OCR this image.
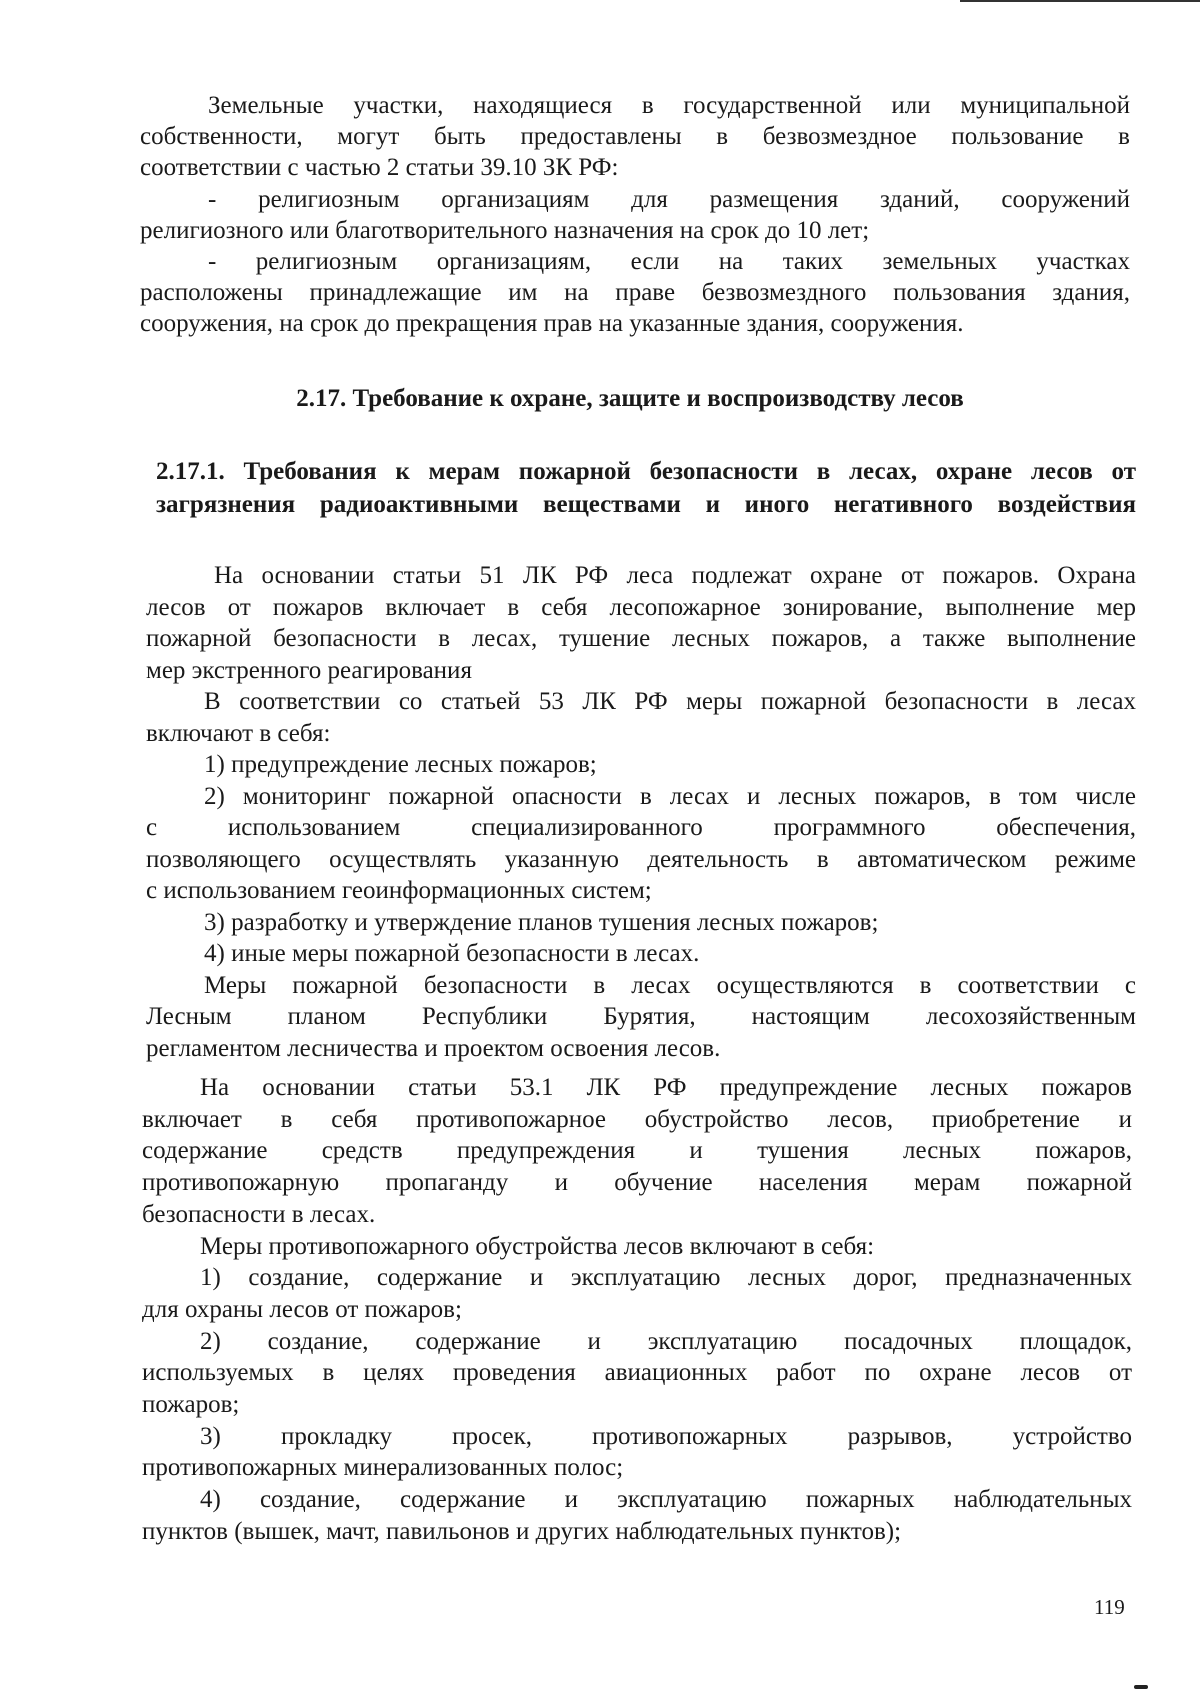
Земельные участки, находящиеся в государственной или муниципальной
собственности, могут быть предоставлены в безвозмездное пользование в
соответствии с частью 2 статьи 39.10 ЗК РФ:
- религиозным организациям для размещения зданий, сооружений
религиозного или благотворительного назначения на срок до 10 лет;
- религиозным организациям, если на таких земельных участках
расположены принадлежащие им на праве безвозмездного пользования здания,
сооружения, на срок до прекращения прав на указанные здания, сооружения.
2.17. Требование к охране, защите и воспроизводству лесов
2.17.1. Требования к мерам пожарной безопасности в лесах, охране лесов от
загрязнения радиоактивными веществами и иного негативного воздействия
На основании статьи 51 ЛК РФ леса подлежат охране от пожаров. Охрана
лесов от пожаров включает в себя лесопожарное зонирование, выполнение мер
пожарной безопасности в лесах, тушение лесных пожаров, а также выполнение
мер экстренного реагирования
В соответствии со статьей 53 ЛК РФ меры пожарной безопасности в лесах
включают в себя:
1) предупреждение лесных пожаров;
2) мониторинг пожарной опасности в лесах и лесных пожаров, в том числе
с использованием специализированного программного обеспечения,
позволяющего осуществлять указанную деятельность в автоматическом режиме
с использованием геоинформационных систем;
3) разработку и утверждение планов тушения лесных пожаров;
4) иные меры пожарной безопасности в лесах.
Меры пожарной безопасности в лесах осуществляются в соответствии с
Лесным планом Республики Бурятия, настоящим лесохозяйственным
регламентом лесничества и проектом освоения лесов.
На основании статьи 53.1 ЛК РФ предупреждение лесных пожаров
включает в себя противопожарное обустройство лесов, приобретение и
содержание средств предупреждения и тушения лесных пожаров,
противопожарную пропаганду и обучение населения мерам пожарной
безопасности в лесах.
Меры противопожарного обустройства лесов включают в себя:
1) создание, содержание и эксплуатацию лесных дорог, предназначенных
для охраны лесов от пожаров;
2) создание, содержание и эксплуатацию посадочных площадок,
используемых в целях проведения авиационных работ по охране лесов от
пожаров;
3) прокладку просек, противопожарных разрывов, устройство
противопожарных минерализованных полос;
4) создание, содержание и эксплуатацию пожарных наблюдательных
пунктов (вышек, мачт, павильонов и других наблюдательных пунктов);
119
